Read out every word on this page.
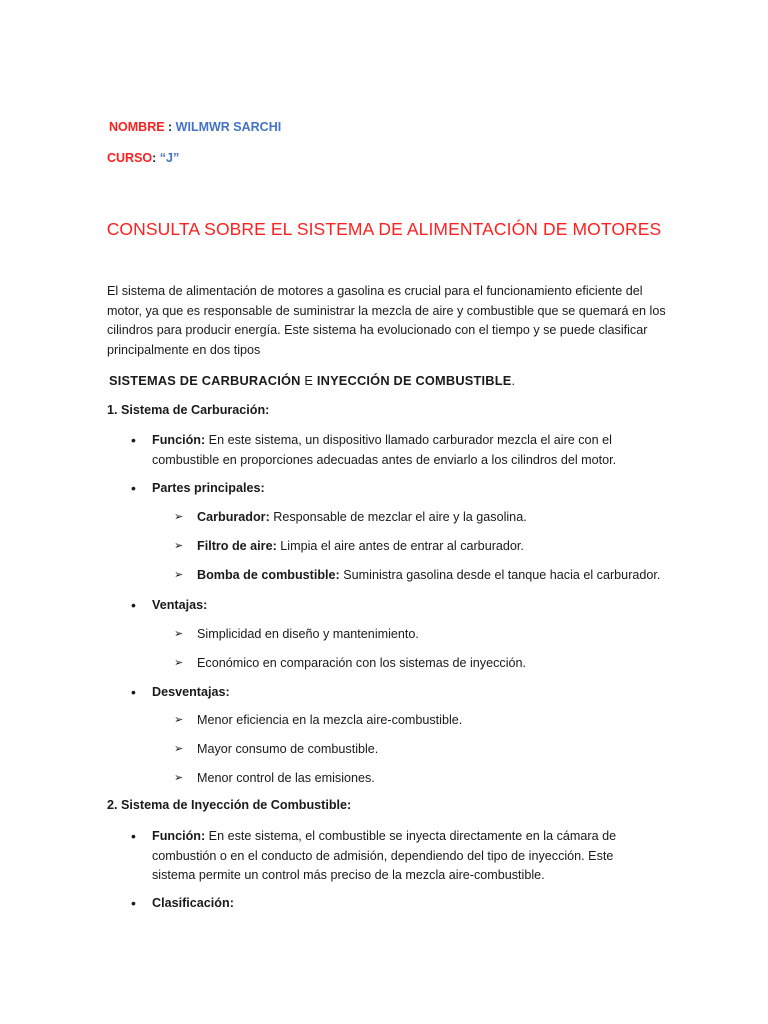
NOMBRE : WILMWR SARCHI
CURSO: “J”
CONSULTA SOBRE EL SISTEMA DE ALIMENTACIÓN DE MOTORES
El sistema de alimentación de motores a gasolina es crucial para el funcionamiento eficiente del motor, ya que es responsable de suministrar la mezcla de aire y combustible que se quemará en los cilindros para producir energía. Este sistema ha evolucionado con el tiempo y se puede clasificar principalmente en dos tipos
SISTEMAS DE CARBURACIÓN E INYECCIÓN DE COMBUSTIBLE.
1. Sistema de Carburación:
• Función: En este sistema, un dispositivo llamado carburador mezcla el aire con el combustible en proporciones adecuadas antes de enviarlo a los cilindros del motor.
• Partes principales:
➢ Carburador: Responsable de mezclar el aire y la gasolina.
➢ Filtro de aire: Limpia el aire antes de entrar al carburador.
➢ Bomba de combustible: Suministra gasolina desde el tanque hacia el carburador.
• Ventajas:
➢ Simplicidad en diseño y mantenimiento.
➢ Económico en comparación con los sistemas de inyección.
• Desventajas:
➢ Menor eficiencia en la mezcla aire-combustible.
➢ Mayor consumo de combustible.
➢ Menor control de las emisiones.
2. Sistema de Inyección de Combustible:
• Función: En este sistema, el combustible se inyecta directamente en la cámara de combustión o en el conducto de admisión, dependiendo del tipo de inyección. Este sistema permite un control más preciso de la mezcla aire-combustible.
• Clasificación:
